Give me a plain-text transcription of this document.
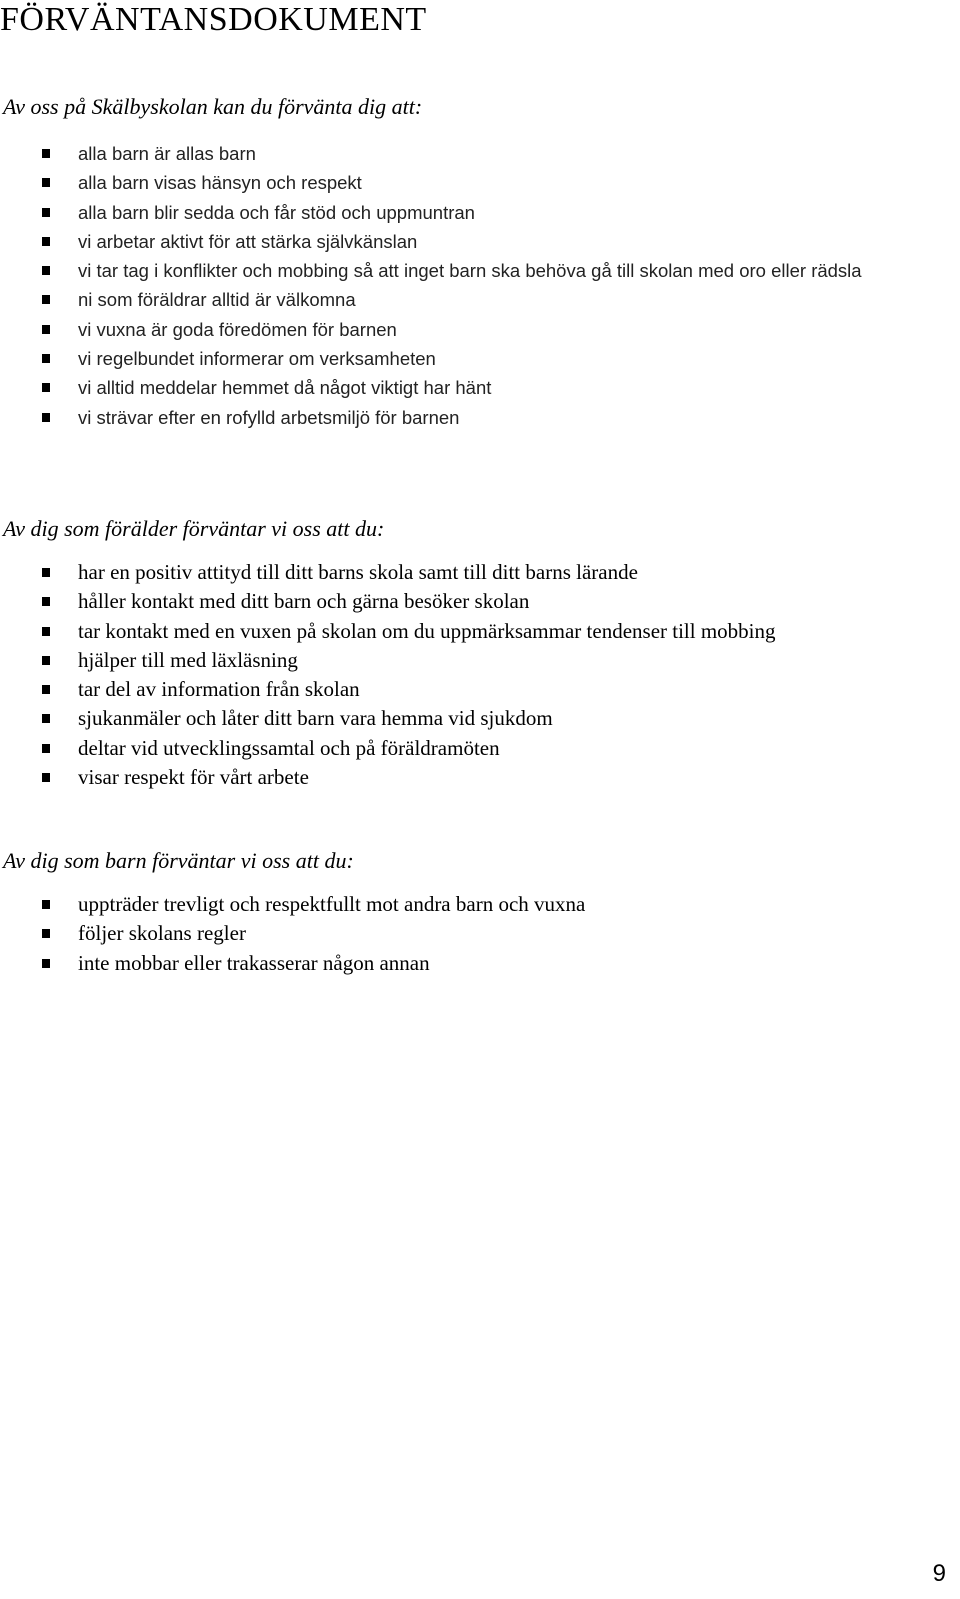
FÖRVÄNTANSDOKUMENT
Av oss på Skälbyskolan kan du förvänta dig att:
alla barn är allas barn
alla barn visas hänsyn och respekt
alla barn blir sedda och får stöd och uppmuntran
vi arbetar aktivt för att stärka självkänslan
vi tar tag i konflikter och mobbing så att inget barn ska behöva gå till skolan med oro eller rädsla
ni som föräldrar alltid är välkomna
vi vuxna är goda föredömen för barnen
vi regelbundet informerar om verksamheten
vi alltid meddelar hemmet då något viktigt har hänt
vi strävar efter en rofylld arbetsmiljö för barnen
Av dig som förälder förväntar vi oss att du:
har en positiv attityd till ditt barns skola samt till ditt barns lärande
håller kontakt med ditt barn och gärna besöker skolan
tar kontakt med en vuxen på skolan om du uppmärksammar tendenser till mobbing
hjälper till med läxläsning
tar del av information från skolan
sjukanmäler och låter ditt barn vara hemma vid sjukdom
deltar vid utvecklingssamtal och på föräldramöten
visar respekt för vårt arbete
Av dig som barn förväntar vi oss att du:
uppträder trevligt och respektfullt mot andra barn och vuxna
följer skolans regler
inte mobbar eller trakasserar någon annan
9
